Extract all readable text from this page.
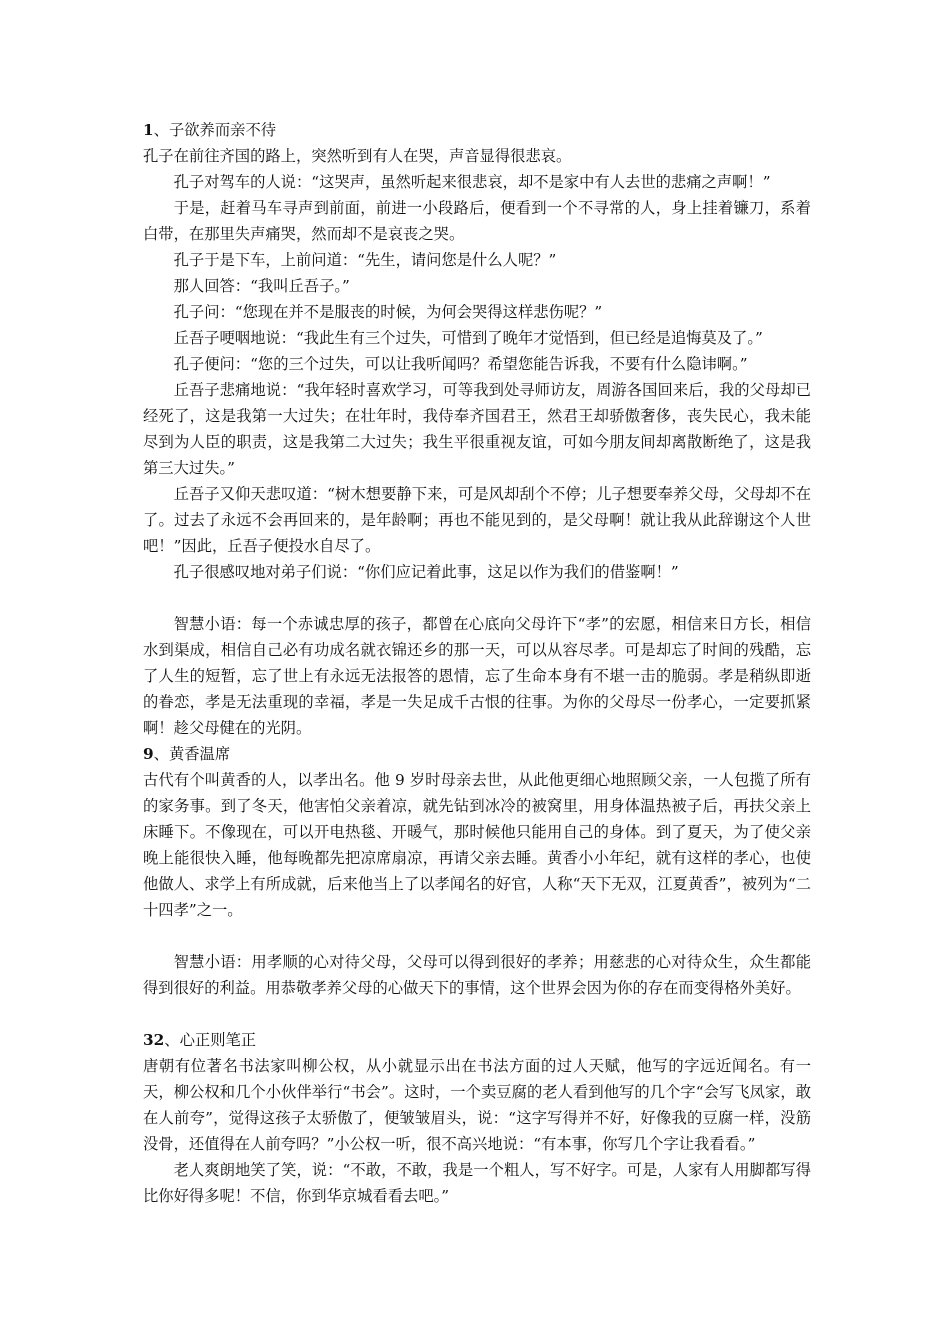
1、子欲养而亲不待

孔子在前往齐国的路上，突然听到有人在哭，声音显得很悲哀。

孔子对驾车的人说：“这哭声，虽然听起来很悲哀，却不是家中有人去世的悲痛之声啊！”

于是，赶着马车寻声到前面，前进一小段路后，便看到一个不寻常的人，身上挂着镰刀，系着白带，在那里失声痛哭，然而却不是哀丧之哭。

孔子于是下车，上前问道：“先生，请问您是什么人呢？”

那人回答：“我叫丘吾子。”

孔子问：“您现在并不是服丧的时候，为何会哭得这样悲伤呢？”

丘吾子哽咽地说：“我此生有三个过失，可惜到了晚年才觉悟到，但已经是追悔莫及了。”

孔子便问：“您的三个过失，可以让我听闻吗？希望您能告诉我，不要有什么隐讳啊。”

丘吾子悲痛地说：“我年轻时喜欢学习，可等我到处寻师访友，周游各国回来后，我的父母却已经死了，这是我第一大过失；在壮年时，我侍奉齐国君王，然君王却骄傲奢侈，丧失民心，我未能尽到为人臣的职责，这是我第二大过失；我生平很重视友谊，可如今朋友间却离散断绝了，这是我第三大过失。”

丘吾子又仰天悲叹道：“树木想要静下来，可是风却刮个不停；儿子想要奉养父母，父母却不在了。过去了永远不会再回来的，是年龄啊；再也不能见到的，是父母啊！就让我从此辞谢这个人世吧！”因此，丘吾子便投水自尽了。

孔子很感叹地对弟子们说：“你们应记着此事，这足以作为我们的借鉴啊！”

智慧小语：每一个赤诚忠厚的孩子，都曾在心底向父母许下“孝”的宏愿，相信来日方长，相信水到渠成，相信自己必有功成名就衣锦还乡的那一天，可以从容尽孝。可是却忘了时间的残酷，忘了人生的短暂，忘了世上有永远无法报答的恩情，忘了生命本身有不堪一击的脆弱。孝是稍纵即逝的眷恋，孝是无法重现的幸福，孝是一失足成千古恨的往事。为你的父母尽一份孝心，一定要抓紧啊！趁父母健在的光阴。

9、黄香温席

古代有个叫黄香的人，以孝出名。他 9 岁时母亲去世，从此他更细心地照顾父亲，一人包揽了所有的家务事。到了冬天，他害怕父亲着凉，就先钻到冰冷的被窝里，用身体温热被子后，再扶父亲上床睡下。不像现在，可以开电热毯、开暖气，那时候他只能用自己的身体。到了夏天，为了使父亲晚上能很快入睡，他每晚都先把凉席扇凉，再请父亲去睡。黄香小小年纪，就有这样的孝心，也使他做人、求学上有所成就，后来他当上了以孝闻名的好官，人称“天下无双，江夏黄香”，被列为“二十四孝”之一。

智慧小语：用孝顺的心对待父母，父母可以得到很好的孝养；用慈悲的心对待众生，众生都能得到很好的利益。用恭敬孝养父母的心做天下的事情，这个世界会因为你的存在而变得格外美好。

32、心正则笔正

唐朝有位著名书法家叫柳公权，从小就显示出在书法方面的过人天赋，他写的字远近闻名。有一天，柳公权和几个小伙伴举行“书会”。这时，一个卖豆腐的老人看到他写的几个字“会写飞凤家，敢在人前夸”，觉得这孩子太骄傲了，便皱皱眉头，说：“这字写得并不好，好像我的豆腐一样，没筋没骨，还值得在人前夸吗？”小公权一听，很不高兴地说：“有本事，你写几个字让我看看。”

老人爽朗地笑了笑，说：“不敢，不敢，我是一个粗人，写不好字。可是，人家有人用脚都写得比你好得多呢！不信，你到华京城看看去吧。”
